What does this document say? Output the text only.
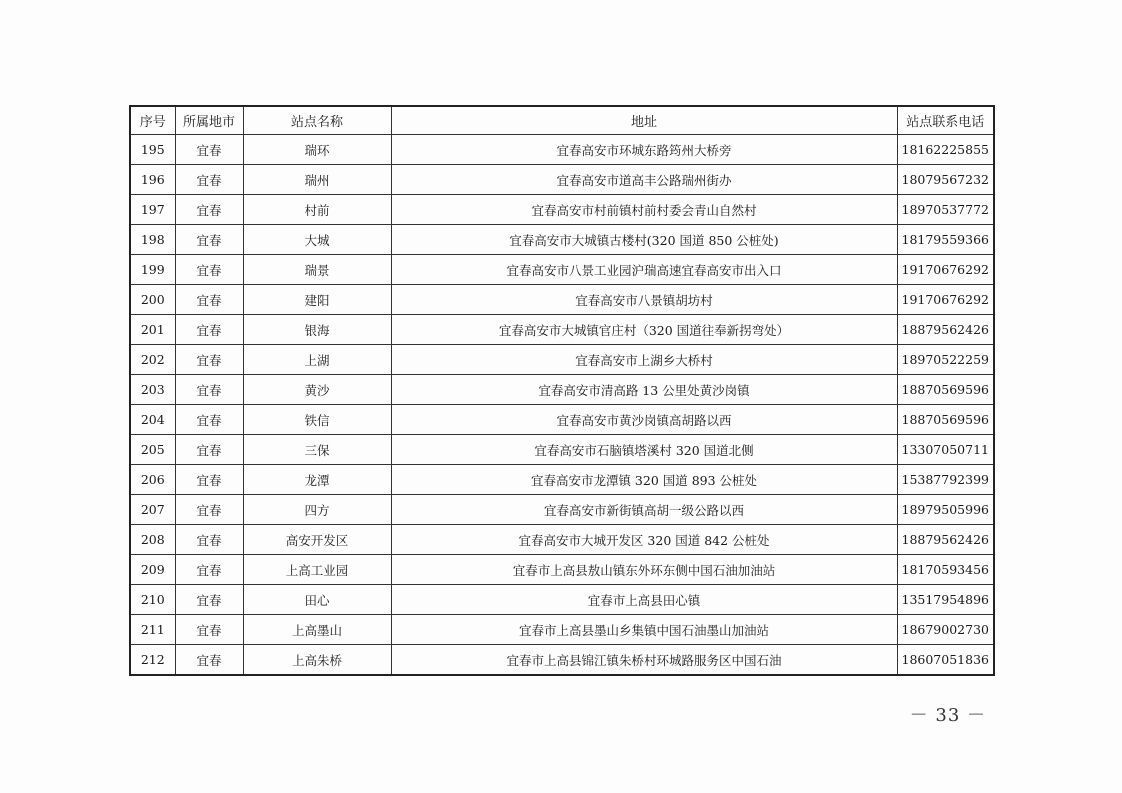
序号	所属地市	站点名称	地址	站点联系电话
195	宜春	瑞环	宜春高安市环城东路筠州大桥旁	18162225855
196	宜春	瑞州	宜春高安市道高丰公路瑞州街办	18079567232
197	宜春	村前	宜春高安市村前镇村前村委会青山自然村	18970537772
198	宜春	大城	宜春高安市大城镇古楼村(320 国道 850 公桩处)	18179559366
199	宜春	瑞景	宜春高安市八景工业园沪瑞高速宜春高安市出入口	19170676292
200	宜春	建阳	宜春高安市八景镇胡坊村	19170676292
201	宜春	银海	宜春高安市大城镇官庄村（320 国道往奉新拐弯处）	18879562426
202	宜春	上湖	宜春高安市上湖乡大桥村	18970522259
203	宜春	黄沙	宜春高安市清高路 13 公里处黄沙岗镇	18870569596
204	宜春	铁信	宜春高安市黄沙岗镇高胡路以西	18870569596
205	宜春	三保	宜春高安市石脑镇塔溪村 320 国道北侧	13307050711
206	宜春	龙潭	宜春高安市龙潭镇 320 国道 893 公桩处	15387792399
207	宜春	四方	宜春高安市新街镇高胡一级公路以西	18979505996
208	宜春	高安开发区	宜春高安市大城开发区 320 国道 842 公桩处	18879562426
209	宜春	上高工业园	宜春市上高县敖山镇东外环东侧中国石油加油站	18170593456
210	宜春	田心	宜春市上高县田心镇	13517954896
211	宜春	上高墨山	宜春市上高县墨山乡集镇中国石油墨山加油站	18679002730
212	宜春	上高朱桥	宜春市上高县锦江镇朱桥村环城路服务区中国石油	18607051836
－ 33 －
